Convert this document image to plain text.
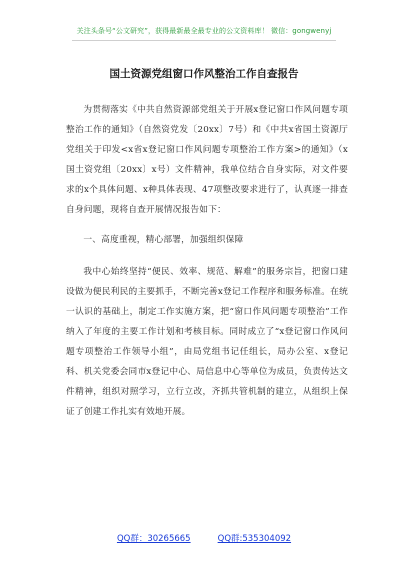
关注头条号“公文研究”，获得最新最全最专业的公文资料库！ 微信：gongwenyj
国土资源党组窗口作风整治工作自查报告

为贯彻落实《中共自然资源部党组关于开展x登记窗口作风问题专项整治工作的通知》（自然资党发〔20xx〕7号）和《中共x省国土资源厅党组关于印发<x省x登记窗口作风问题专项整治工作方案>的通知》（x国土资党组〔20xx〕x号）文件精神，我单位结合自身实际，对文件要求的x个具体问题、x种具体表现、47项整改要求进行了，认真逐一排查自身问题，现将自查开展情况报告如下：

一、高度重视，精心部署，加强组织保障

我中心始终坚持“便民、效率、规范、解难”的服务宗旨，把窗口建设做为便民利民的主要抓手，不断完善x登记工作程序和服务标准。在统一认识的基础上，制定工作实施方案，把“窗口作风问题专项整治”工作纳入了年度的主要工作计划和考核目标。同时成立了“x登记窗口作风问题专项整治工作领导小组”，由局党组书记任组长，局办公室、x登记科、机关党委会同市x登记中心、局信息中心等单位为成员，负责传达文件精神，组织对照学习，立行立改，齐抓共管机制的建立，从组织上保证了创建工作扎实有效地开展。

QQ群：30265665	QQ群:535304092
